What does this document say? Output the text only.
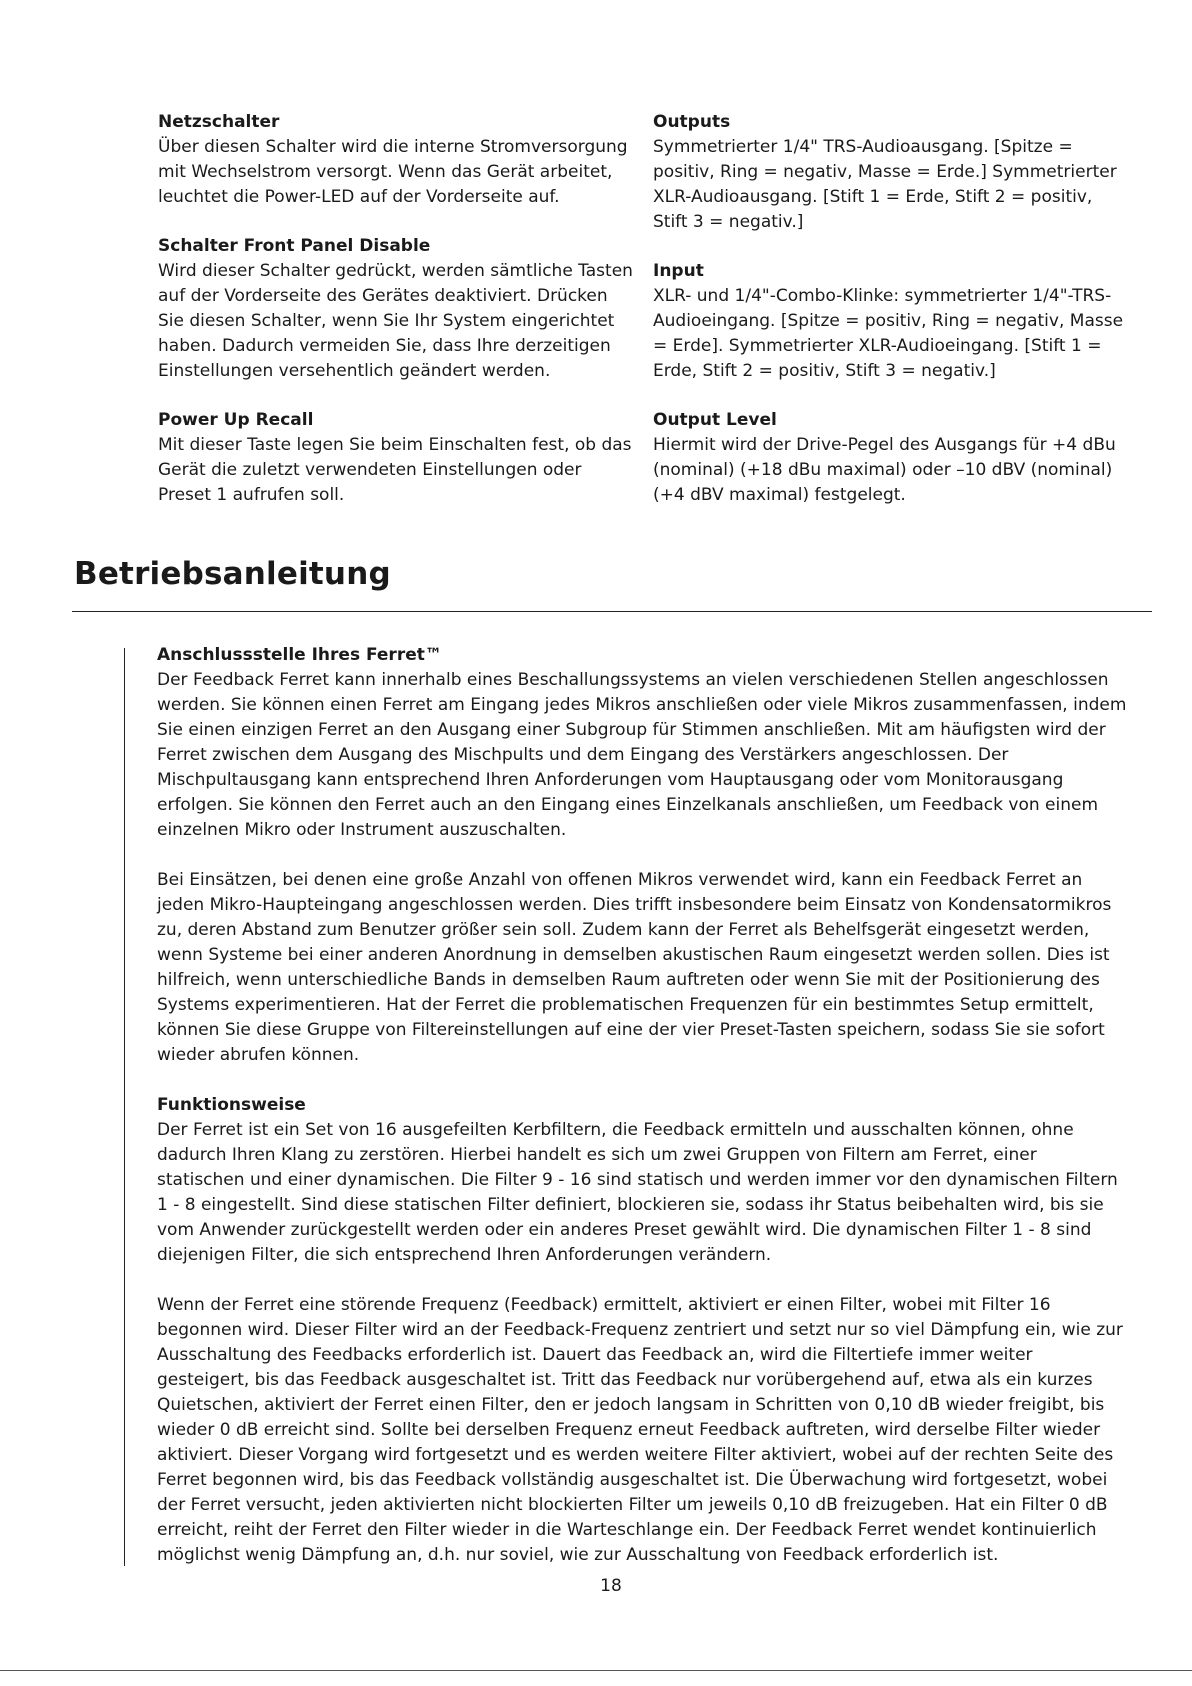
Netzschalter

Über diesen Schalter wird die interne Stromversorgung mit Wechselstrom versorgt. Wenn das Gerät arbeitet, leuchtet die Power-LED auf der Vorderseite auf.

Schalter Front Panel Disable

Wird dieser Schalter gedrückt, werden sämtliche Tasten auf der Vorderseite des Gerätes deaktiviert. Drücken Sie diesen Schalter, wenn Sie Ihr System eingerichtet haben. Dadurch vermeiden Sie, dass Ihre derzeitigen Einstellungen versehentlich geändert werden.

Power Up Recall

Mit dieser Taste legen Sie beim Einschalten fest, ob das Gerät die zuletzt verwendeten Einstellungen oder Preset 1 aufrufen soll.

Outputs

Symmetrierter 1/4" TRS-Audioausgang. [Spitze = positiv, Ring = negativ, Masse = Erde.] Symmetrierter XLR-Audioausgang. [Stift 1 = Erde, Stift 2 = positiv, Stift 3 = negativ.]

Input

XLR- und 1/4"-Combo-Klinke: symmetrierter 1/4"-TRS-Audioeingang. [Spitze = positiv, Ring = negativ, Masse = Erde]. Symmetrierter XLR-Audioeingang. [Stift 1 = Erde, Stift 2 = positiv, Stift 3 = negativ.]

Output Level

Hiermit wird der Drive-Pegel des Ausgangs für +4 dBu (nominal) (+18 dBu maximal) oder –10 dBV (nominal) (+4 dBV maximal) festgelegt.

Betriebsanleitung
Anschlussstelle Ihres Ferret™

Der Feedback Ferret kann innerhalb eines Beschallungssystems an vielen verschiedenen Stellen angeschlossen werden. Sie können einen Ferret am Eingang jedes Mikros anschließen oder viele Mikros zusammenfassen, indem Sie einen einzigen Ferret an den Ausgang einer Subgroup für Stimmen anschließen. Mit am häufigsten wird der Ferret zwischen dem Ausgang des Mischpults und dem Eingang des Verstärkers angeschlossen. Der Mischpultausgang kann entsprechend Ihren Anforderungen vom Hauptausgang oder vom Monitorausgang erfolgen. Sie können den Ferret auch an den Eingang eines Einzelkanals anschließen, um Feedback von einem einzelnen Mikro oder Instrument auszuschalten.

Bei Einsätzen, bei denen eine große Anzahl von offenen Mikros verwendet wird, kann ein Feedback Ferret an jeden Mikro-Haupteingang angeschlossen werden. Dies trifft insbesondere beim Einsatz von Kondensatormikros zu, deren Abstand zum Benutzer größer sein soll. Zudem kann der Ferret als Behelfsgerät eingesetzt werden, wenn Systeme bei einer anderen Anordnung in demselben akustischen Raum eingesetzt werden sollen. Dies ist hilfreich, wenn unterschiedliche Bands in demselben Raum auftreten oder wenn Sie mit der Positionierung des Systems experimentieren. Hat der Ferret die problematischen Frequenzen für ein bestimmtes Setup ermittelt, können Sie diese Gruppe von Filtereinstellungen auf eine der vier Preset-Tasten speichern, sodass Sie sie sofort wieder abrufen können.

Funktionsweise

Der Ferret ist ein Set von 16 ausgefeilten Kerbfiltern, die Feedback ermitteln und ausschalten können, ohne dadurch Ihren Klang zu zerstören. Hierbei handelt es sich um zwei Gruppen von Filtern am Ferret, einer statischen und einer dynamischen. Die Filter 9 - 16 sind statisch und werden immer vor den dynamischen Filtern 1 - 8 eingestellt. Sind diese statischen Filter definiert, blockieren sie, sodass ihr Status beibehalten wird, bis sie vom Anwender zurückgestellt werden oder ein anderes Preset gewählt wird. Die dynamischen Filter 1 - 8 sind diejenigen Filter, die sich entsprechend Ihren Anforderungen verändern.

Wenn der Ferret eine störende Frequenz (Feedback) ermittelt, aktiviert er einen Filter, wobei mit Filter 16 begonnen wird. Dieser Filter wird an der Feedback-Frequenz zentriert und setzt nur so viel Dämpfung ein, wie zur Ausschaltung des Feedbacks erforderlich ist. Dauert das Feedback an, wird die Filtertiefe immer weiter gesteigert, bis das Feedback ausgeschaltet ist. Tritt das Feedback nur vorübergehend auf, etwa als ein kurzes Quietschen, aktiviert der Ferret einen Filter, den er jedoch langsam in Schritten von 0,10 dB wieder freigibt, bis wieder 0 dB erreicht sind. Sollte bei derselben Frequenz erneut Feedback auftreten, wird derselbe Filter wieder aktiviert. Dieser Vorgang wird fortgesetzt und es werden weitere Filter aktiviert, wobei auf der rechten Seite des Ferret begonnen wird, bis das Feedback vollständig ausgeschaltet ist. Die Überwachung wird fortgesetzt, wobei der Ferret versucht, jeden aktivierten nicht blockierten Filter um jeweils 0,10 dB freizugeben. Hat ein Filter 0 dB erreicht, reiht der Ferret den Filter wieder in die Warteschlange ein. Der Feedback Ferret wendet kontinuierlich möglichst wenig Dämpfung an, d.h. nur soviel, wie zur Ausschaltung von Feedback erforderlich ist.

18
